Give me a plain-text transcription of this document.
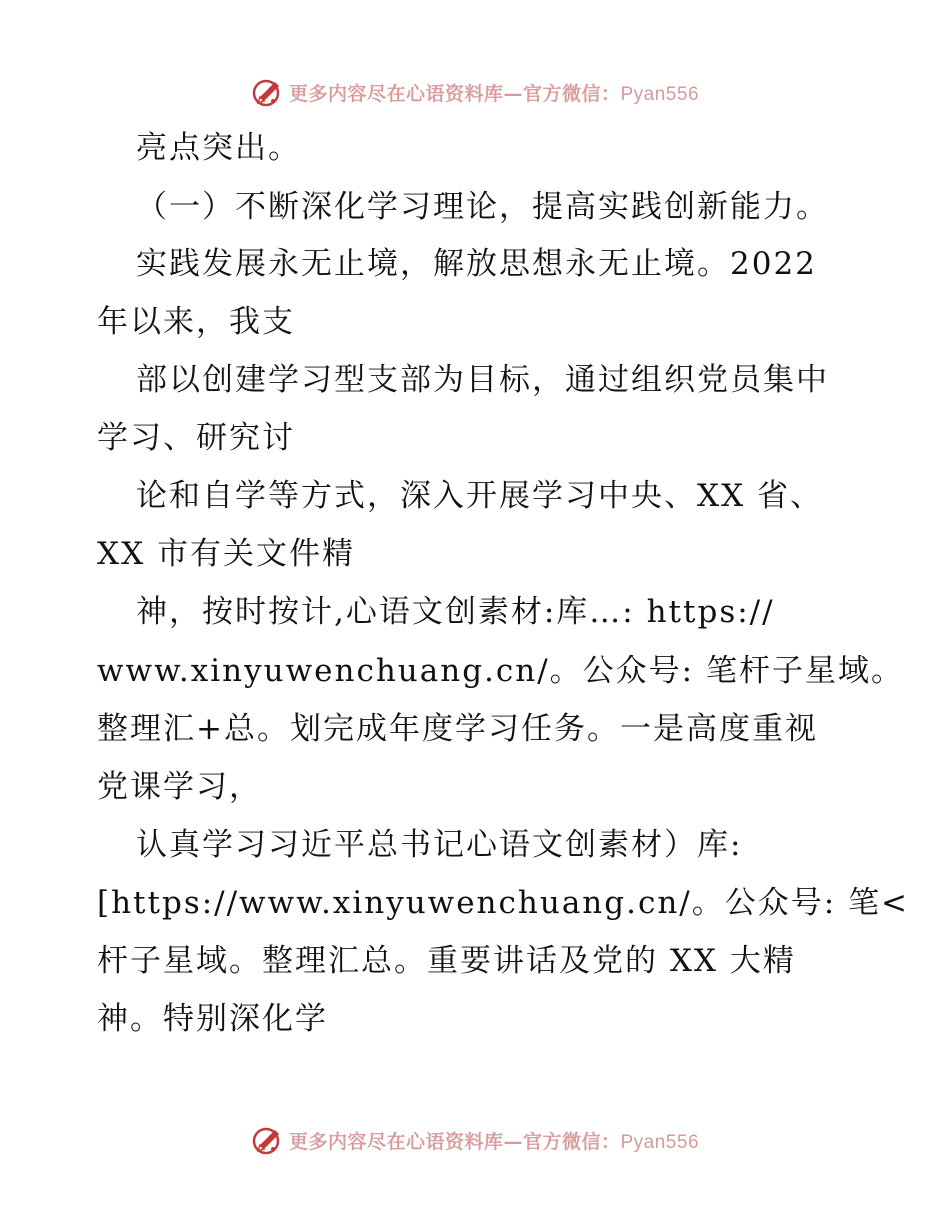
更多内容尽在心语资料库—官方微信：Pyan556
亮点突出。
（一）不断深化学习理论，提高实践创新能力。
实践发展永无止境，解放思想永无止境。2022
年以来，我支
部以创建学习型支部为目标，通过组织党员集中
学习、研究讨
论和自学等方式，深入开展学习中央、XX 省、
XX 市有关文件精
神，按时按计,心语文创素材:库…: https://
www.xinyuwenchuang.cn/。公众号: 笔杆子星域。
整理汇+总。划完成年度学习任务。一是高度重视
党课学习，
认真学习习近平总书记心语文创素材）库:
[https://www.xinyuwenchuang.cn/。公众号: 笔<
杆子星域。整理汇总。重要讲话及党的 XX 大精
神。特别深化学
更多内容尽在心语资料库—官方微信：Pyan556
